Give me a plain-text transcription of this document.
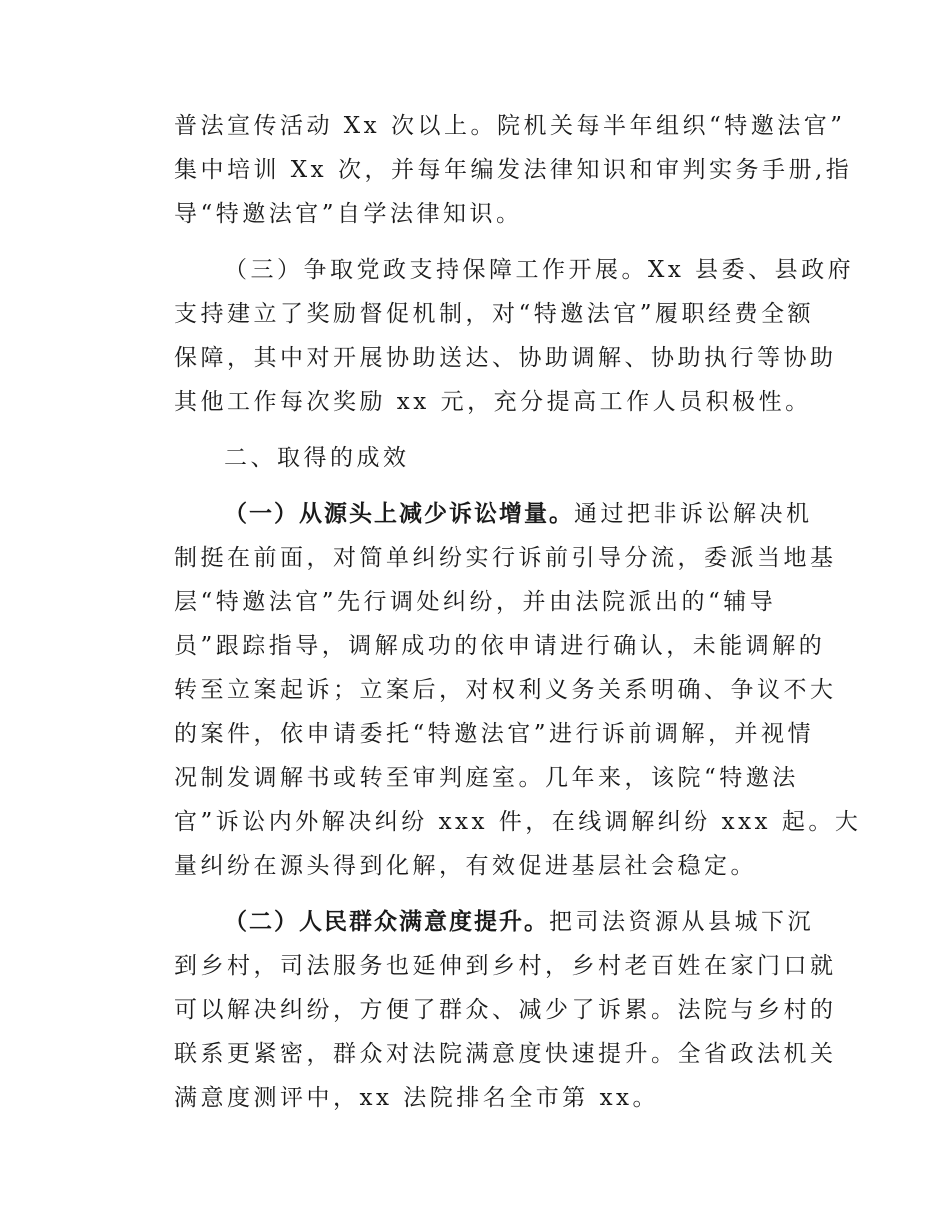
普法宣传活动 Xx 次以上。院机关每半年组织“特邀法官”
集中培训 Xx 次，并每年编发法律知识和审判实务手册,指
导“特邀法官”自学法律知识。
（三）争取党政支持保障工作开展。Xx 县委、县政府
支持建立了奖励督促机制，对“特邀法官”履职经费全额
保障，其中对开展协助送达、协助调解、协助执行等协助
其他工作每次奖励 xx 元，充分提高工作人员积极性。
二、取得的成效
（一）从源头上减少诉讼增量。通过把非诉讼解决机
制挺在前面，对简单纠纷实行诉前引导分流，委派当地基
层“特邀法官”先行调处纠纷，并由法院派出的“辅导
员”跟踪指导，调解成功的依申请进行确认，未能调解的
转至立案起诉；立案后，对权利义务关系明确、争议不大
的案件，依申请委托“特邀法官”进行诉前调解，并视情
况制发调解书或转至审判庭室。几年来，该院“特邀法
官”诉讼内外解决纠纷 xxx 件，在线调解纠纷 xxx 起。大
量纠纷在源头得到化解，有效促进基层社会稳定。
（二）人民群众满意度提升。把司法资源从县城下沉
到乡村，司法服务也延伸到乡村，乡村老百姓在家门口就
可以解决纠纷，方便了群众、减少了诉累。法院与乡村的
联系更紧密，群众对法院满意度快速提升。全省政法机关
满意度测评中，xx 法院排名全市第 xx。
